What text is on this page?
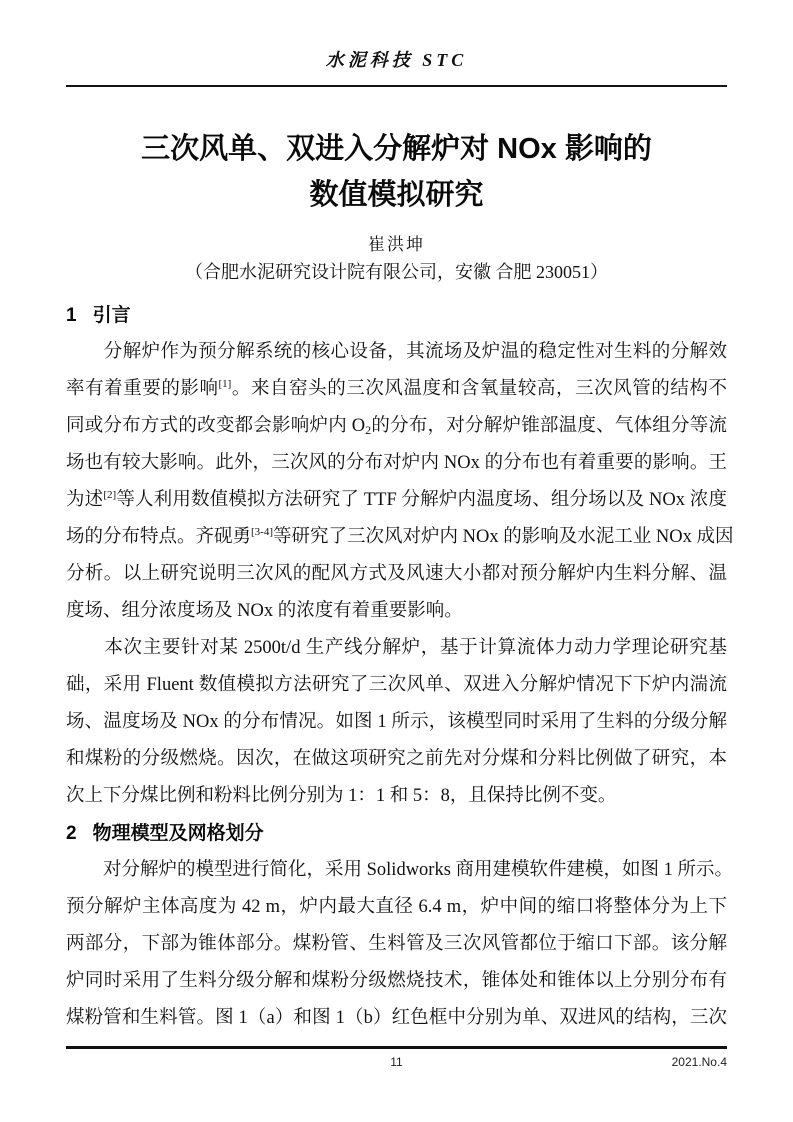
水泥科技 STC
三次风单、双进入分解炉对 NOx 影响的
数值模拟研究
崔洪坤
（合肥水泥研究设计院有限公司，安徽 合肥 230051）
1 引言
　　分解炉作为预分解系统的核心设备，其流场及炉温的稳定性对生料的分解效
率有着重要的影响[1]。来自窑头的三次风温度和含氧量较高，三次风管的结构不
同或分布方式的改变都会影响炉内 $O_2$的分布，对分解炉锥部温度、气体组分等流
场也有较大影响。此外，三次风的分布对炉内 NOx 的分布也有着重要的影响。王
为述[2]等人利用数值模拟方法研究了 TTF 分解炉内温度场、组分场以及 NOx 浓度
场的分布特点。齐砚勇[3-4]等研究了三次风对炉内 NOx 的影响及水泥工业 NOx 成因
分析。以上研究说明三次风的配风方式及风速大小都对预分解炉内生料分解、温
度场、组分浓度场及 NOx 的浓度有着重要影响。
　　本次主要针对某 2500t/d 生产线分解炉，基于计算流体力动力学理论研究基
础，采用 Fluent 数值模拟方法研究了三次风单、双进入分解炉情况下下炉内湍流
场、温度场及 NOx 的分布情况。如图 1 所示，该模型同时采用了生料的分级分解
和煤粉的分级燃烧。因次，在做这项研究之前先对分煤和分料比例做了研究，本
次上下分煤比例和粉料比例分别为 1：1 和 5：8，且保持比例不变。
2 物理模型及网格划分
　　对分解炉的模型进行简化，采用 Solidworks 商用建模软件建模，如图 1 所示。
预分解炉主体高度为 42 m，炉内最大直径 6.4 m，炉中间的缩口将整体分为上下
两部分，下部为锥体部分。煤粉管、生料管及三次风管都位于缩口下部。该分解
炉同时采用了生料分级分解和煤粉分级燃烧技术，锥体处和锥体以上分别分布有
煤粉管和生料管。图 1（a）和图 1（b）红色框中分别为单、双进风的结构，三次
11	2021.No.4
